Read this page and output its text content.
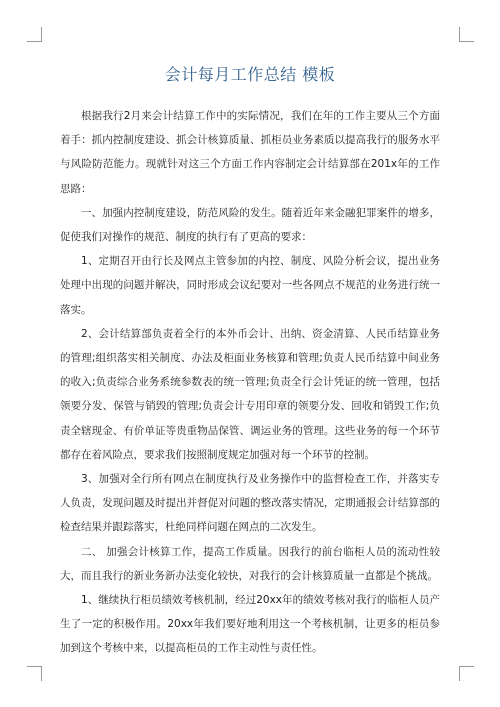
会计每月工作总结 模板

根据我行2月来会计结算工作中的实际情况，我们在年的工作主要从三个方面着手：抓内控制度建设、抓会计核算质量、抓柜员业务素质以提高我行的服务水平与风险防范能力。现就针对这三个方面工作内容制定会计结算部在201x年的工作思路：

一、加强内控制度建设，防范风险的发生。随着近年来金融犯罪案件的增多，促使我们对操作的规范、制度的执行有了更高的要求：

1、定期召开由行长及网点主管参加的内控、制度、风险分析会议，提出业务处理中出现的问题并解决，同时形成会议纪要对一些各网点不规范的业务进行统一落实。

2、会计结算部负责着全行的本外币会计、出纳、资金清算、人民币结算业务的管理;组织落实相关制度、办法及柜面业务核算和管理;负责人民币结算中间业务的收入;负责综合业务系统参数表的统一管理;负责全行会计凭证的统一管理，包括领要分发、保管与销毁的管理;负责会计专用印章的领要分发、回收和销毁工作;负责全辖现金、有价单证等贵重物品保管、调运业务的管理。这些业务的每一个环节都存在着风险点，要求我们按照制度规定加强对每一个环节的控制。

3、加强对全行所有网点在制度执行及业务操作中的监督检查工作，并落实专人负责，发现问题及时提出并督促对问题的整改落实情况，定期通报会计结算部的检查结果并跟踪落实，杜绝同样问题在网点的二次发生。

二、 加强会计核算工作，提高工作质量。因我行的前台临柜人员的流动性较大，而且我行的新业务新办法变化较快，对我行的会计核算质量一直都是个挑战。

1、继续执行柜员绩效考核机制，经过20xx年的绩效考核对我行的临柜人员产生了一定的积极作用。20xx年我们要好地利用这一个考核机制，让更多的柜员参加到这个考核中来，以提高柜员的工作主动性与责任性。
